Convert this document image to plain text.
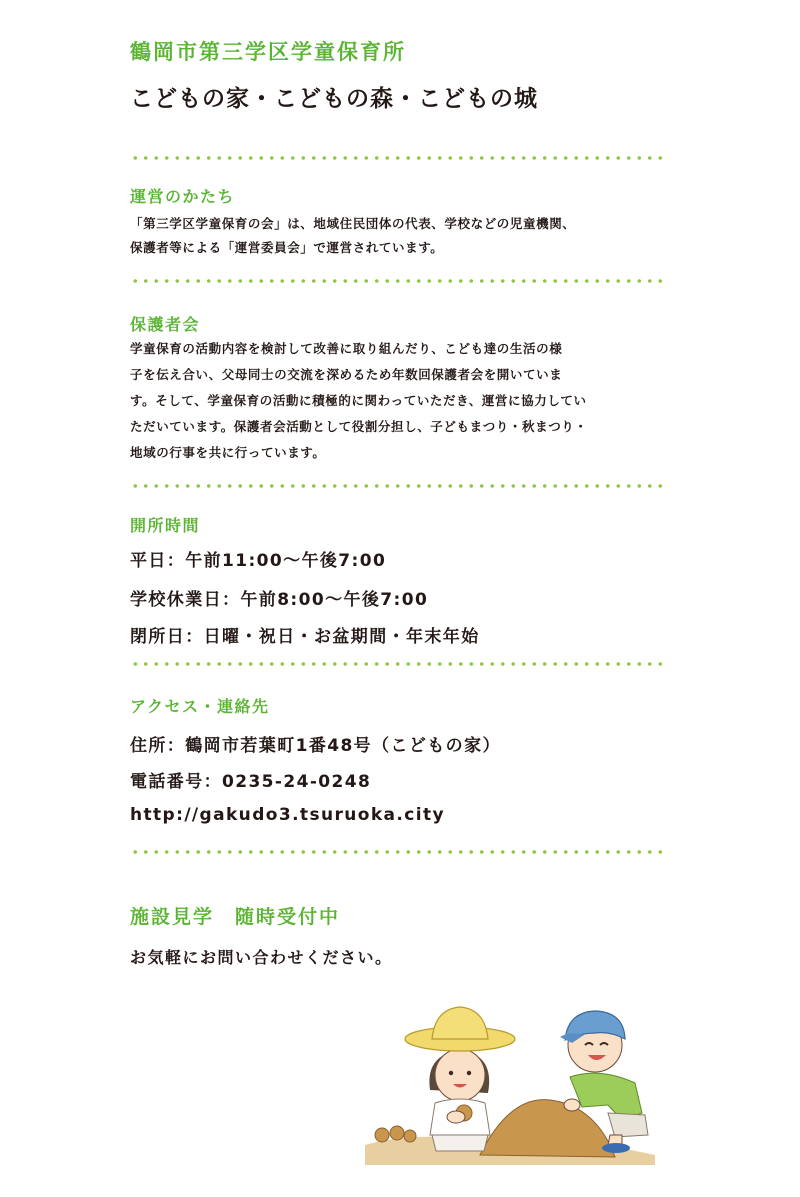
鶴岡市第三学区学童保育所
こどもの家・こどもの森・こどもの城
運営のかたち
「第三学区学童保育の会」は、地域住民団体の代表、学校などの児童機関、
保護者等による「運営委員会」で運営されています。
保護者会
学童保育の活動内容を検討して改善に取り組んだり、こども達の生活の様
子を伝え合い、父母同士の交流を深めるため年数回保護者会を開いていま
す。そして、学童保育の活動に積極的に関わっていただき、運営に協力してい
ただいています。保護者会活動として役割分担し、子どもまつり・秋まつり・
地域の行事を共に行っています。
開所時間
平日：午前11:00〜午後7:00
学校休業日：午前8:00〜午後7:00
閉所日：日曜・祝日・お盆期間・年末年始
アクセス・連絡先
住所：鶴岡市若葉町1番48号（こどもの家）
電話番号：0235-24-0248
http://gakudo3.tsuruoka.city
施設見学　随時受付中
お気軽にお問い合わせください。
